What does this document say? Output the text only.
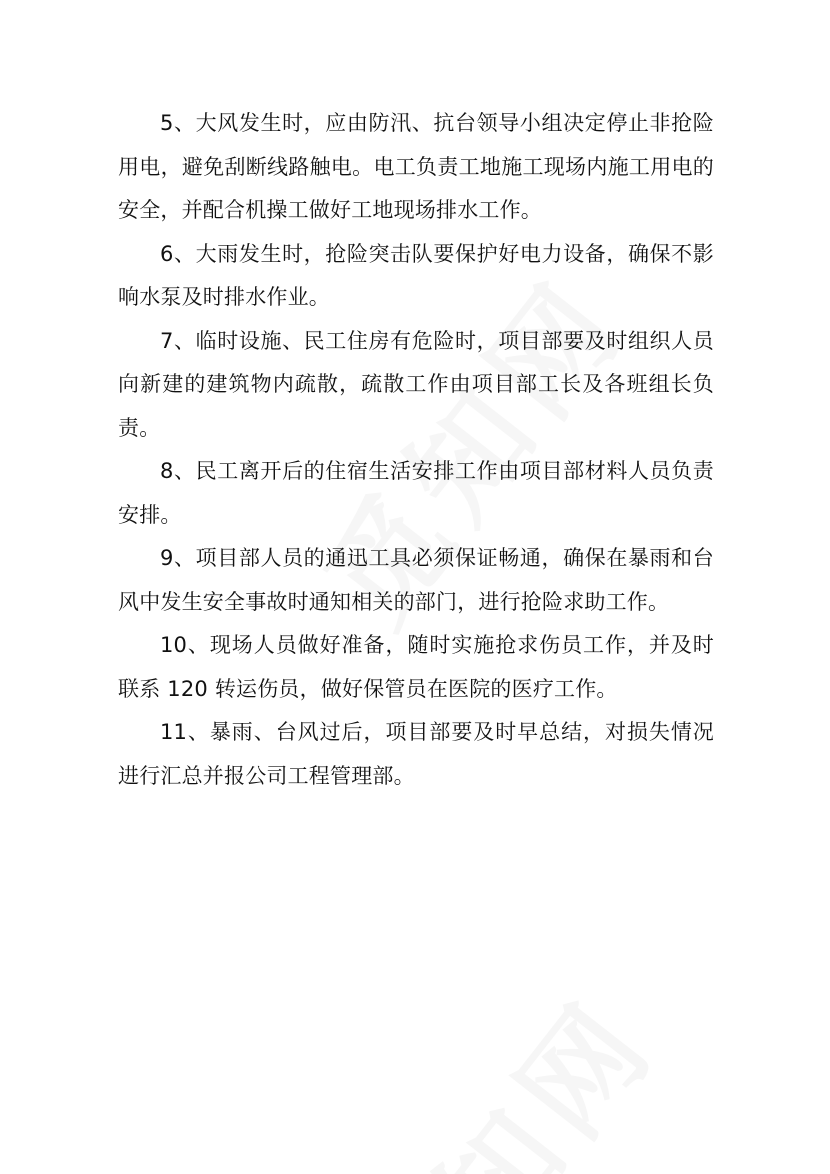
5、大风发生时，应由防汛、抗台领导小组决定停止非抢险用电，避免刮断线路触电。电工负责工地施工现场内施工用电的安全，并配合机操工做好工地现场排水工作。

6、大雨发生时，抢险突击队要保护好电力设备，确保不影响水泵及时排水作业。

7、临时设施、民工住房有危险时，项目部要及时组织人员向新建的建筑物内疏散，疏散工作由项目部工长及各班组长负责。

8、民工离开后的住宿生活安排工作由项目部材料人员负责安排。

9、项目部人员的通迅工具必须保证畅通，确保在暴雨和台风中发生安全事故时通知相关的部门，进行抢险求助工作。

10、现场人员做好准备，随时实施抢求伤员工作，并及时联系 120 转运伤员，做好保管员在医院的医疗工作。

11、暴雨、台风过后，项目部要及时早总结，对损失情况进行汇总并报公司工程管理部。
